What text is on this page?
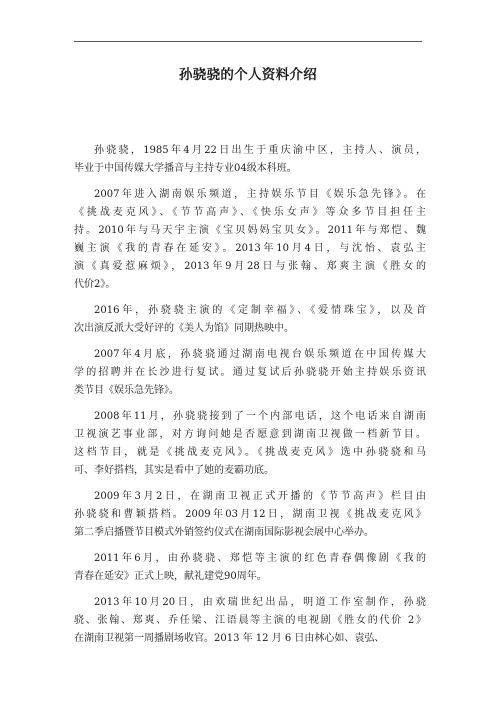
孙骁骁的个人资料介绍
孙骁骁，1985年4月22日出生于重庆渝中区，主持人、演员，
毕业于中国传媒大学播音与主持专业04级本科班。
2007年进入湖南娱乐频道，主持娱乐节目《娱乐急先锋》。在
《挑战麦克风》、《节节高声》、《快乐女声》等众多节目担任主
持。2010年与马天宇主演《宝贝妈妈宝贝女》。2011年与郑恺、魏
巍主演《我的青春在延安》。2013年10月4日，与沈怡、袁弘主
演《真爱惹麻烦》，2013年9月28日与张翰、郑爽主演《胜女的
代价2》。
2016年，孙骁骁主演的《定制幸福》、《爱情珠宝》，以及首
次出演反派大受好评的《美人为馅》同期热映中。
2007年4月底，孙骁骁通过湖南电视台娱乐频道在中国传媒大
学的招聘并在长沙进行复试。通过复试后孙骁骁开始主持娱乐资讯
类节目《娱乐急先锋》。
2008年11月，孙骁骁接到了一个内部电话，这个电话来自湖南
卫视演艺事业部，对方询问她是否愿意到湖南卫视做一档新节目。
这档节目，就是《挑战麦克风》。《挑战麦克风》选中孙骁骁和马
可、李好搭档，其实是看中了她的麦霸功底。
2009年3月2日，在湖南卫视正式开播的《节节高声》栏目由
孙骁骁和曹颖搭档。2009年03月12日，湖南卫视《挑战麦克风》
第二季启播暨节目模式外销签约仪式在湖南国际影视会展中心举办。
2011年6月，由孙骁骁、郑恺等主演的红色青春偶像剧《我的
青春在延安》正式上映，献礼建党90周年。
2013年10月20日，由欢瑞世纪出品，明道工作室制作，孙骁
骁、张翰、郑爽、乔任梁、江语晨等主演的电视剧《胜女的代价 2》
在湖南卫视第一周播剧场收官。2013 年 12 月 6 日由林心如、袁弘、
